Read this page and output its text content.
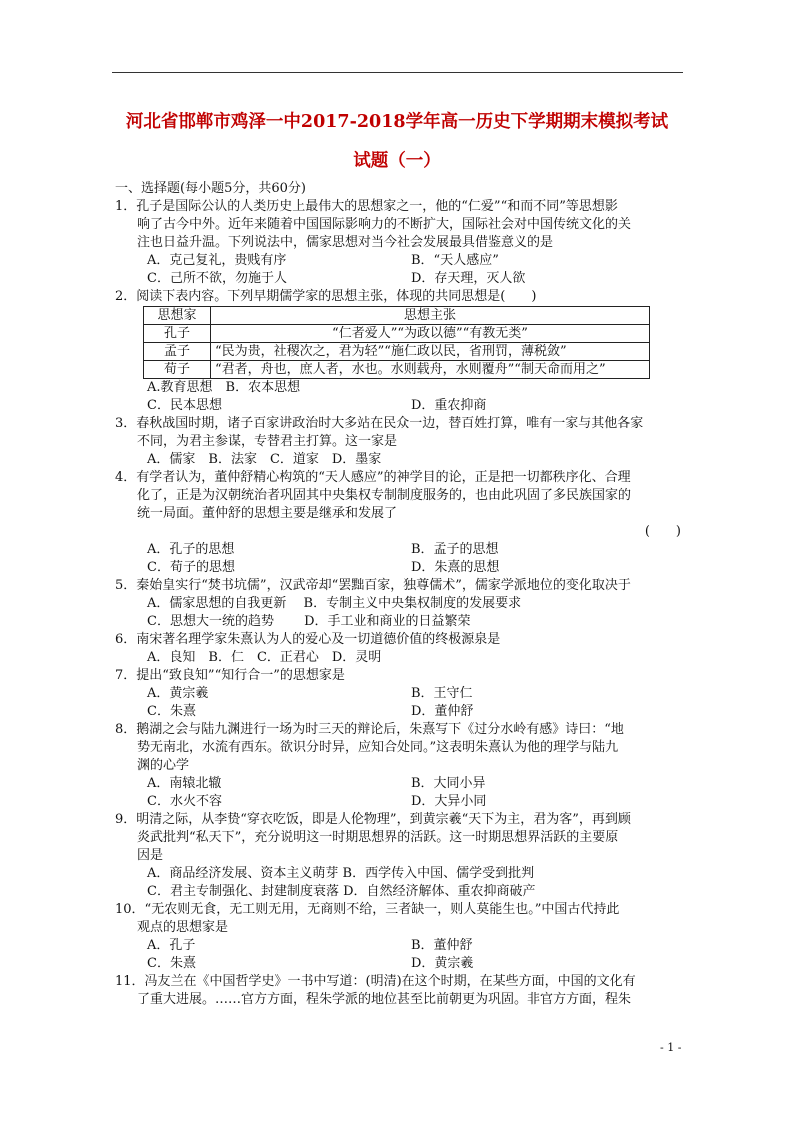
河北省邯郸市鸡泽一中2017-2018学年高一历史下学期期末模拟考试
试题（一）
一、选择题(每小题5分，共60分)
1．孔子是国际公认的人类历史上最伟大的思想家之一，他的“仁爱”“和而不同”等思想影
响了古今中外。近年来随着中国国际影响力的不断扩大，国际社会对中国传统文化的关
注也日益升温。下列说法中，儒家思想对当今社会发展最具借鉴意义的是
A．克己复礼，贵贱有序	B．“天人感应”
C．己所不欲，勿施于人	D．存天理，灭人欲
2．阅读下表内容。下列早期儒学家的思想主张，体现的共同思想是(　　)
思想家	思想主张
孔子	“仁者爱人”“为政以德”“有教无类”
孟子	“民为贵，社稷次之，君为轻”“施仁政以民，省刑罚，薄税敛”
荀子	“君者，舟也，庶人者，水也。水则载舟，水则覆舟”“制天命而用之”
A.教育思想　B．农本思想
C．民本思想	D．重农抑商
3．春秋战国时期，诸子百家讲政治时大多站在民众一边，替百姓打算，唯有一家与其他各家
不同，为君主参谋，专替君主打算。这一家是
A．儒家　B．法家　C．道家　D．墨家
4．有学者认为，董仲舒精心构筑的“天人感应”的神学目的论，正是把一切都秩序化、合理
化了，正是为汉朝统治者巩固其中央集权专制制度服务的，也由此巩固了多民族国家的
统一局面。董仲舒的思想主要是继承和发展了
(　　)
A．孔子的思想	B．孟子的思想
C．荀子的思想	D．朱熹的思想
5．秦始皇实行“焚书坑儒”，汉武帝却“罢黜百家，独尊儒术”，儒家学派地位的变化取决于
A．儒家思想的自我更新　 B．专制主义中央集权制度的发展要求
C．思想大一统的趋势　　 D．手工业和商业的日益繁荣
6．南宋著名理学家朱熹认为人的爱心及一切道德价值的终极源泉是
A．良知　B．仁　C．正君心　D．灵明
7．提出“致良知”“知行合一”的思想家是
A．黄宗羲	B．王守仁
C．朱熹	D．董仲舒
8．鹅湖之会与陆九渊进行一场为时三天的辩论后，朱熹写下《过分水岭有感》诗曰：“地
势无南北，水流有西东。欲识分时异，应知合处同。”这表明朱熹认为他的理学与陆九
渊的心学
A．南辕北辙	B．大同小异
C．水火不容	D．大异小同
9．明清之际，从李贽“穿衣吃饭，即是人伦物理”，到黄宗羲“天下为主，君为客”，再到顾
炎武批判“私天下”，充分说明这一时期思想界的活跃。这一时期思想界活跃的主要原
因是
A．商品经济发展、资本主义萌芽 B．西学传入中国、儒学受到批判
C．君主专制强化、封建制度衰落 D．自然经济解体、重农抑商破产
10．“无农则无食，无工则无用，无商则不给，三者缺一，则人莫能生也。”中国古代持此
观点的思想家是
A．孔子	B．董仲舒
C．朱熹	D．黄宗羲
11．冯友兰在《中国哲学史》一书中写道：(明清)在这个时期，在某些方面，中国的文化有
了重大进展。……官方方面，程朱学派的地位甚至比前朝更为巩固。非官方方面，程朱
- 1 -
